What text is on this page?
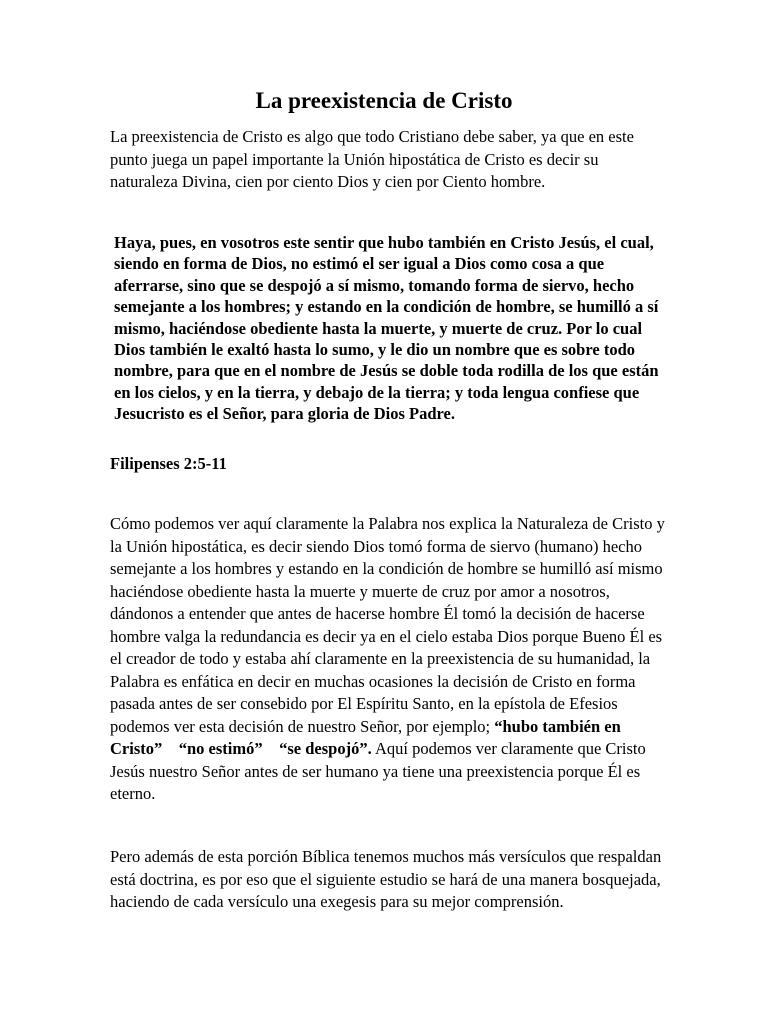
La preexistencia de Cristo

La preexistencia de Cristo es algo que todo Cristiano debe saber, ya que en este punto juega un papel importante la Unión hipostática de Cristo es decir su naturaleza Divina, cien por ciento Dios y cien por Ciento hombre.

Haya, pues, en vosotros este sentir que hubo también en Cristo Jesús, el cual, siendo en forma de Dios, no estimó el ser igual a Dios como cosa a que aferrarse, sino que se despojó a sí mismo, tomando forma de siervo, hecho semejante a los hombres; y estando en la condición de hombre, se humilló a sí mismo, haciéndose obediente hasta la muerte, y muerte de cruz. Por lo cual Dios también le exaltó hasta lo sumo, y le dio un nombre que es sobre todo nombre, para que en el nombre de Jesús se doble toda rodilla de los que están en los cielos, y en la tierra, y debajo de la tierra; y toda lengua confiese que Jesucristo es el Señor, para gloria de Dios Padre.

Filipenses 2:5-11

Cómo podemos ver aquí claramente la Palabra nos explica la Naturaleza de Cristo y la Unión hipostática, es decir siendo Dios tomó forma de siervo (humano) hecho semejante a los hombres y estando en la condición de hombre se humilló así mismo haciéndose obediente hasta la muerte y muerte de cruz por amor a nosotros, dándonos a entender que antes de hacerse hombre Él tomó la decisión de hacerse hombre valga la redundancia es decir ya en el cielo estaba Dios porque Bueno Él es el creador de todo y estaba ahí claramente en la preexistencia de su humanidad, la Palabra es enfática en decir en muchas ocasiones la decisión de Cristo en forma pasada antes de ser consebido por El Espíritu Santo, en la epístola de Efesios podemos ver esta decisión de nuestro Señor, por ejemplo; “hubo también en Cristo” “no estimó” “se despojó”. Aquí podemos ver claramente que Cristo Jesús nuestro Señor antes de ser humano ya tiene una preexistencia porque Él es eterno.

Pero además de esta porción Bíblica tenemos muchos más versículos que respaldan está doctrina, es por eso que el siguiente estudio se hará de una manera bosquejada, haciendo de cada versículo una exegesis para su mejor comprensión.
